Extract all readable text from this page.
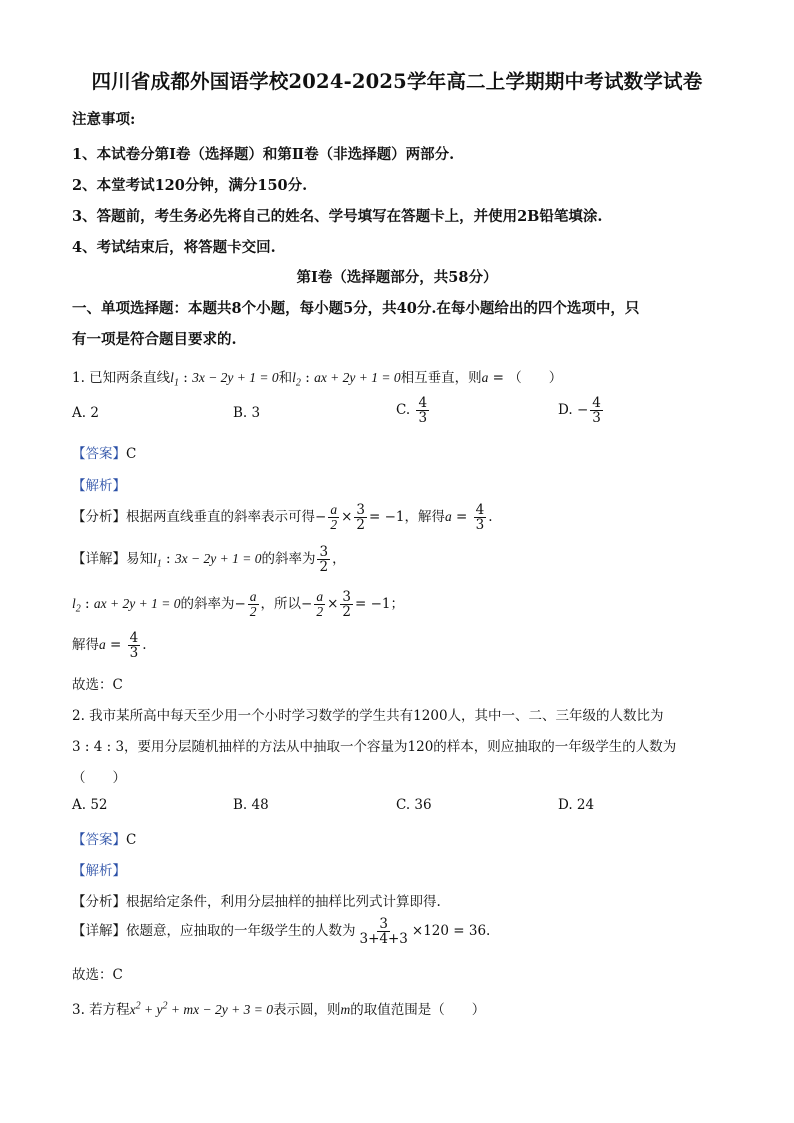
四川省成都外国语学校2024-2025学年高二上学期期中考试数学试卷
注意事项:
1、本试卷分第Ⅰ卷（选择题）和第Ⅱ卷（非选择题）两部分.
2、本堂考试120分钟，满分150分.
3、答题前，考生务必先将自己的姓名、学号填写在答题卡上，并使用2B铅笔填涂.
4、考试结束后，将答题卡交回.
第Ⅰ卷（选择题部分，共58分）
一、单项选择题：本题共8个小题，每小题5分，共40分.在每小题给出的四个选项中，只
有一项是符合题目要求的.
1. 已知两条直线$l_1$ : 3x − 2y + 1 = 0和$l_2$ : ax + 2y + 1 = 0相互垂直，则a = （　　）
A. 2	B. 3	C. $\frac{4}{3}$	D. − $\frac{4}{3}$
【答案】C
【解析】
【分析】根据两直线垂直的斜率表示可得− $\frac{a}{2} \times \frac{3}{2} = -1$，解得$a = \frac{4}{3}$ .
【详解】易知$l_1$ : 3x − 2y + 1 = 0的斜率为 $\frac{3}{2}$ ，
$l_2$ : ax + 2y + 1 = 0的斜率为− $\frac{a}{2}$ ，所以− $\frac{a}{2} \times \frac{3}{2} = -1$；
解得$a = \frac{4}{3}$ .
故选：C
2. 我市某所高中每天至少用一个小时学习数学的学生共有1200人，其中一、二、三年级的人数比为
3 : 4 : 3，要用分层随机抽样的方法从中抽取一个容量为120的样本，则应抽取的一年级学生的人数为
（　　）
A. 52	B. 48	C. 36	D. 24
【答案】C
【解析】
【分析】根据给定条件，利用分层抽样的抽样比列式计算即得.
【详解】依题意，应抽取的一年级学生的人数为 $\frac{3}{3+4+3} \times 120 = 36$.
故选：C
3. 若方程$x^2 + y^2$ + mx − 2y + 3 = 0表示圆，则m的取值范围是（　　）
